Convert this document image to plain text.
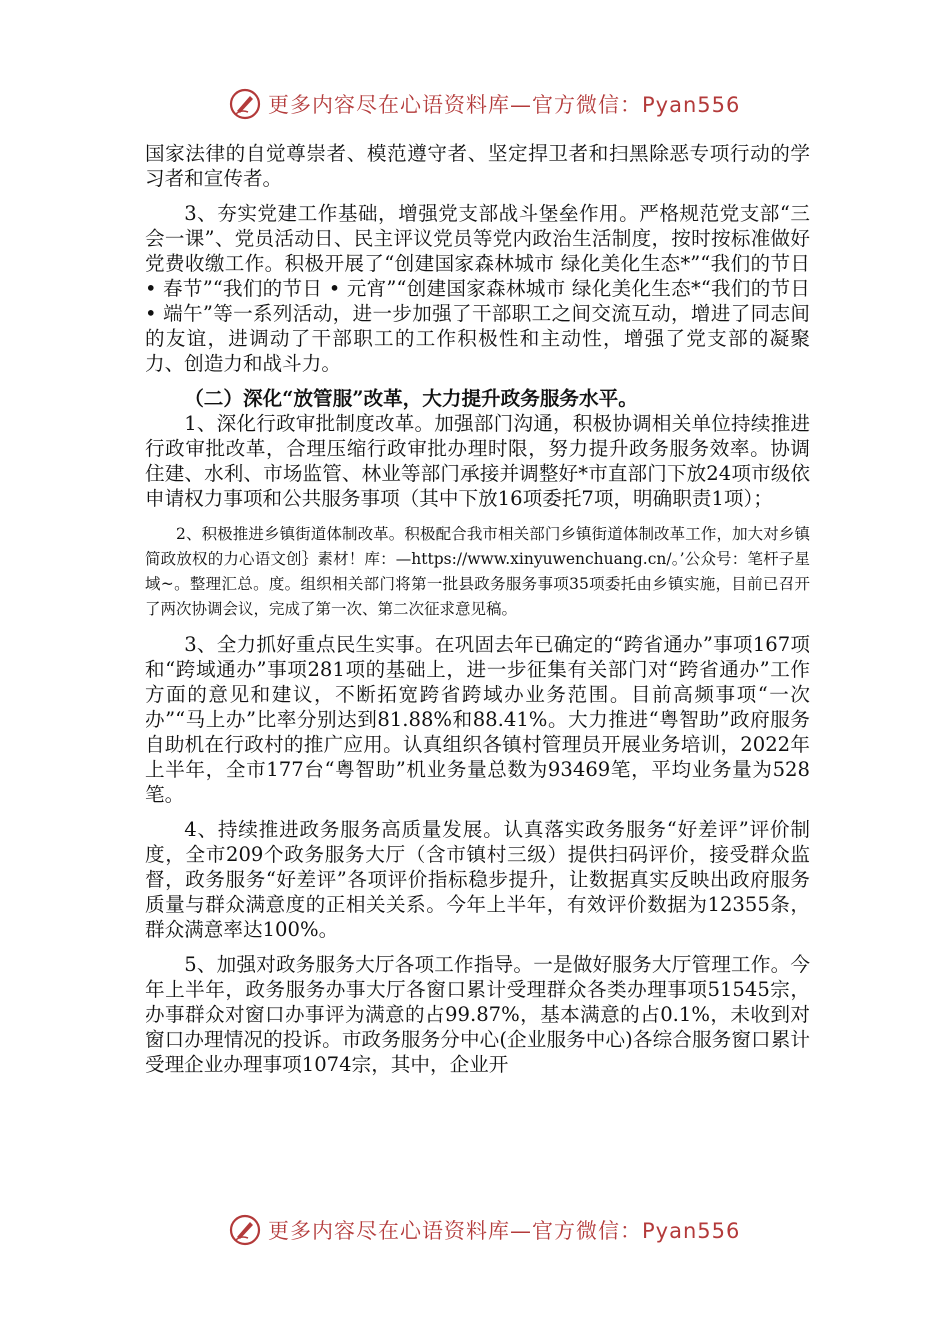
更多内容尽在心语资料库—官方微信：Pyan556

国家法律的自觉尊崇者、模范遵守者、坚定捍卫者和扫黑除恶专项行动的学习者和宣传者。

3、夯实党建工作基础，增强党支部战斗堡垒作用。严格规范党支部“三会一课”、党员活动日、民主评议党员等党内政治生活制度，按时按标准做好党费收缴工作。积极开展了“创建国家森林城市 绿化美化生态*”“我们的节日 • 春节”“我们的节日 • 元宵”“创建国家森林城市 绿化美化生态*“我们的节日 • 端午”等一系列活动，进一步加强了干部职工之间交流互动，增进了同志间的友谊，进调动了干部职工的工作积极性和主动性，增强了党支部的凝聚力、创造力和战斗力。

（二）深化“放管服”改革，大力提升政务服务水平。

1、深化行政审批制度改革。加强部门沟通，积极协调相关单位持续推进行政审批改革，合理压缩行政审批办理时限，努力提升政务服务效率。协调住建、水利、市场监管、林业等部门承接并调整好*市直部门下放24项市级依申请权力事项和公共服务事项（其中下放16项委托7项，明确职责1项）；

2、积极推进乡镇街道体制改革。积极配合我市相关部门乡镇街道体制改革工作，加大对乡镇简政放权的力心语文创｝素材！库：—https://www.xinyuwenchuang.cn/。’公众号：笔杆子星域~。整理汇总。度。组织相关部门将第一批县政务服务事项35项委托由乡镇实施，目前已召开了两次协调会议，完成了第一次、第二次征求意见稿。

3、全力抓好重点民生实事。在巩固去年已确定的“跨省通办”事项167项和“跨域通办”事项281项的基础上，进一步征集有关部门对“跨省通办”工作方面的意见和建议，不断拓宽跨省跨域办业务范围。目前高频事项“一次办”“马上办”比率分别达到81.88%和88.41%。大力推进“粤智助”政府服务自助机在行政村的推广应用。认真组织各镇村管理员开展业务培训，2022年上半年，全市177台“粤智助”机业务量总数为93469笔，平均业务量为528笔。

4、持续推进政务服务高质量发展。认真落实政务服务“好差评”评价制度，全市209个政务服务大厅（含市镇村三级）提供扫码评价，接受群众监督，政务服务“好差评”各项评价指标稳步提升，让数据真实反映出政府服务质量与群众满意度的正相关关系。今年上半年，有效评价数据为12355条，群众满意率达100%。

5、加强对政务服务大厅各项工作指导。一是做好服务大厅管理工作。今年上半年，政务服务办事大厅各窗口累计受理群众各类办理事项51545宗，办事群众对窗口办事评为满意的占99.87%，基本满意的占0.1%，未收到对窗口办理情况的投诉。市政务服务分中心(企业服务中心)各综合服务窗口累计受理企业办理事项1074宗，其中，企业开

更多内容尽在心语资料库—官方微信：Pyan556
